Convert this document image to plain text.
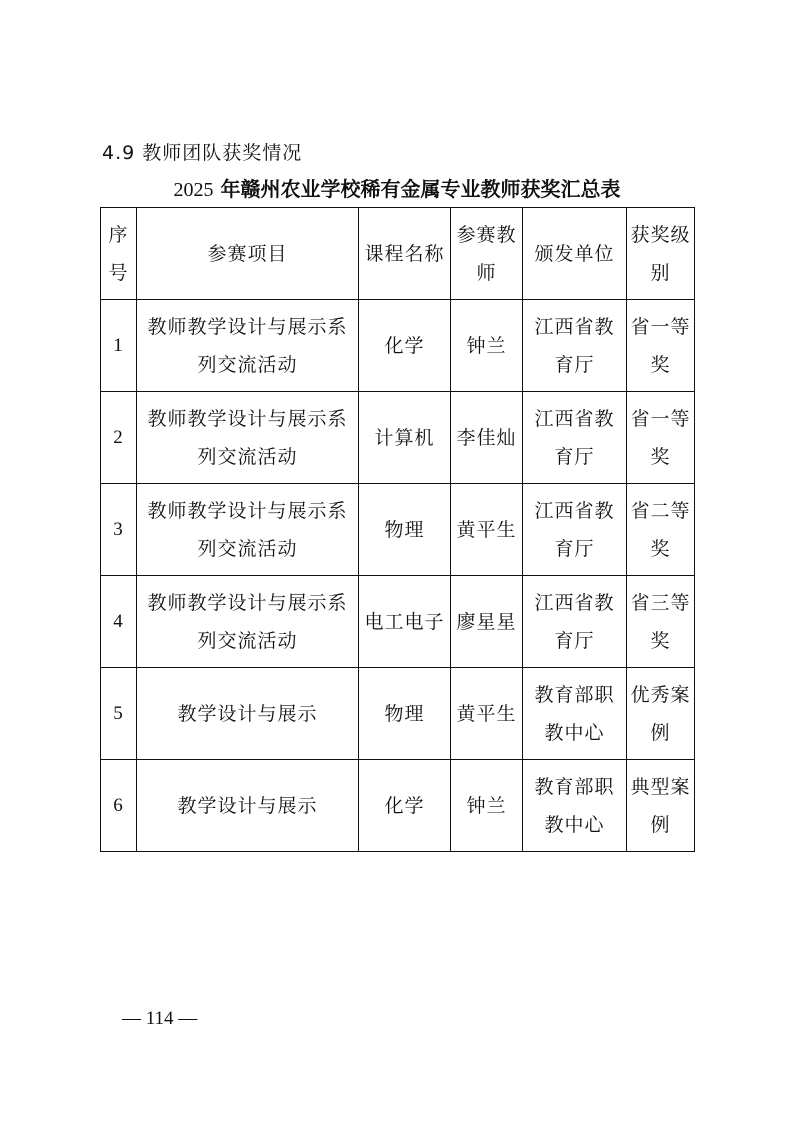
4.9 教师团队获奖情况
2025 年赣州农业学校稀有金属专业教师获奖汇总表
序号	参赛项目	课程名称	参赛教师	颁发单位	获奖级别
1	教师教学设计与展示系列交流活动	化学	钟兰	江西省教育厅	省一等奖
2	教师教学设计与展示系列交流活动	计算机	李佳灿	江西省教育厅	省一等奖
3	教师教学设计与展示系列交流活动	物理	黄平生	江西省教育厅	省二等奖
4	教师教学设计与展示系列交流活动	电工电子	廖星星	江西省教育厅	省三等奖
5	教学设计与展示	物理	黄平生	教育部职教中心	优秀案例
6	教学设计与展示	化学	钟兰	教育部职教中心	典型案例
— 114 —
